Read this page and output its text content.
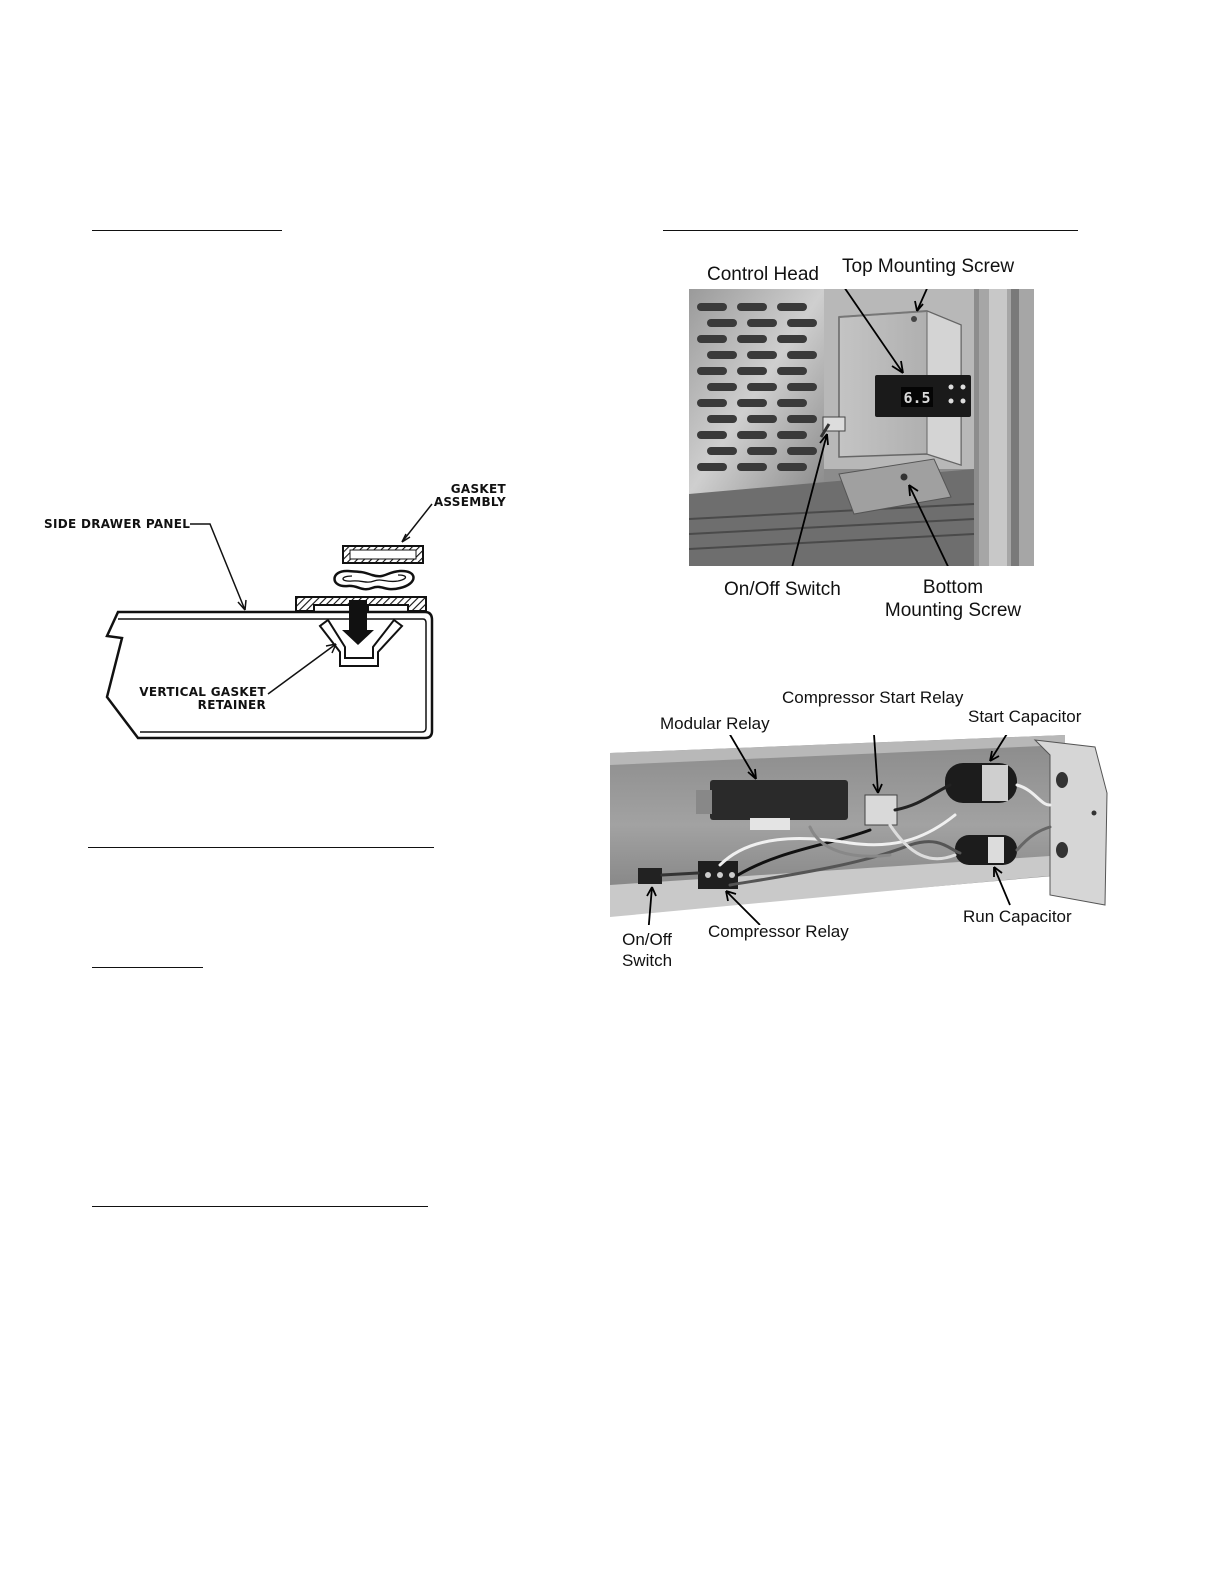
GASKET
ASSEMBLY
SIDE DRAWER PANEL
VERTICAL GASKET
RETAINER
6.5
Control Head Top Mounting Screw
On/Off Switch	Bottom
Mounting Screw
Compressor Start Relay
Modular Relay	Start Capacitor
On/Off
Switch
Compressor Relay
Run Capacitor
